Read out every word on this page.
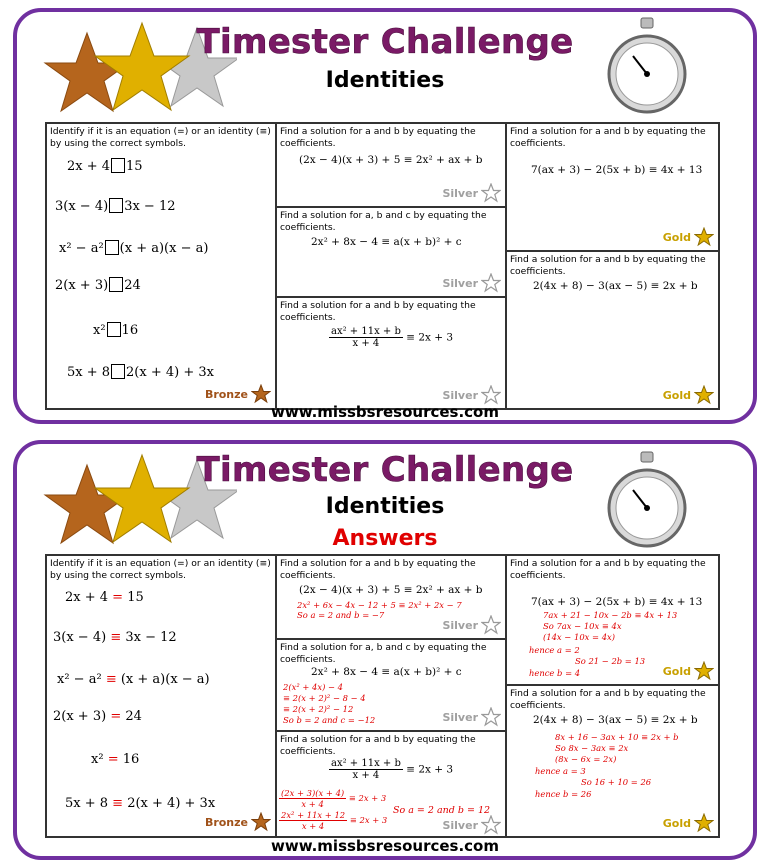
Timester Challenge
Identities
Identify if it is an equation (=) or an identity (≡) by using the correct symbols.
2x + 4 15
3(x − 4) 3x − 12
x² − a² (x + a)(x − a)
2(x + 3) 24
x² 16
5x + 8 2(x + 4) + 3x
Bronze
Find a solution for a and b by equating the coefficients.
(2x − 4)(x + 3) + 5 ≡ 2x² + ax + b
Silver
Find a solution for a, b and c by equating the coefficients.
2x² + 8x − 4 ≡ a(x + b)² + c
Silver
Find a solution for a and b by equating the coefficients.
$\frac{\text{ax² + 11x + b}}{x + 4} \equiv 2x + 3$
Silver
Find a solution for a and b by equating the coefficients.
7(ax + 3) − 2(5x + b) ≡ 4x + 13
Gold
Find a solution for a and b by equating the coefficients.
2(4x + 8) − 3(ax − 5) ≡ 2x + b
Gold
www.missbsresources.com
Timester Challenge
Identities
Answers
Identify if it is an equation (=) or an identity (≡) by using the correct symbols.
2x + 4 = 15
3(x − 4) ≡ 3x − 12
x² − a² ≡ (x + a)(x − a)
2(x + 3) = 24
x² = 16
5x + 8 ≡ 2(x + 4) + 3x
Bronze
Find a solution for a and b by equating the coefficients.
(2x − 4)(x + 3) + 5 ≡ 2x² + ax + b
2x² + 6x − 4x − 12 + 5 ≡ 2x² + 2x − 7
So a = 2 and b = −7
Silver
Find a solution for a, b and c by equating the coefficients.
2x² + 8x − 4 ≡ a(x + b)² + c
2(x² + 4x) − 4
≡ 2(x + 2)² − 8 − 4
≡ 2(x + 2)² − 12
So b = 2 and c = −12	Silver
Find a solution for a and b by equating the coefficients.
$\frac{\text{ax² + 11x + b}}{x + 4} \equiv 2x + 3$
$\frac{(2x + 3)(x + 4)}{x + 4} \equiv 2x + 3$
$\frac{\text{2x² + 11x + 12}}{x + 4} \equiv 2x + 3$
So a = 2 and b = 12
Silver
Find a solution for a and b by equating the coefficients.
7(ax + 3) − 2(5x + b) ≡ 4x + 13
7ax + 21 − 10x − 2b ≡ 4x + 13
So 7ax − 10x ≡ 4x
(14x − 10x = 4x)
hence a = 2
So 21 − 2b = 13
hence b = 4	Gold
Find a solution for a and b by equating the coefficients.
2(4x + 8) − 3(ax − 5) ≡ 2x + b
8x + 16 − 3ax + 10 ≡ 2x + b
So 8x − 3ax ≡ 2x
(8x − 6x = 2x)
hence a = 3
So 16 + 10 = 26
hence b = 26
Gold
www.missbsresources.com
